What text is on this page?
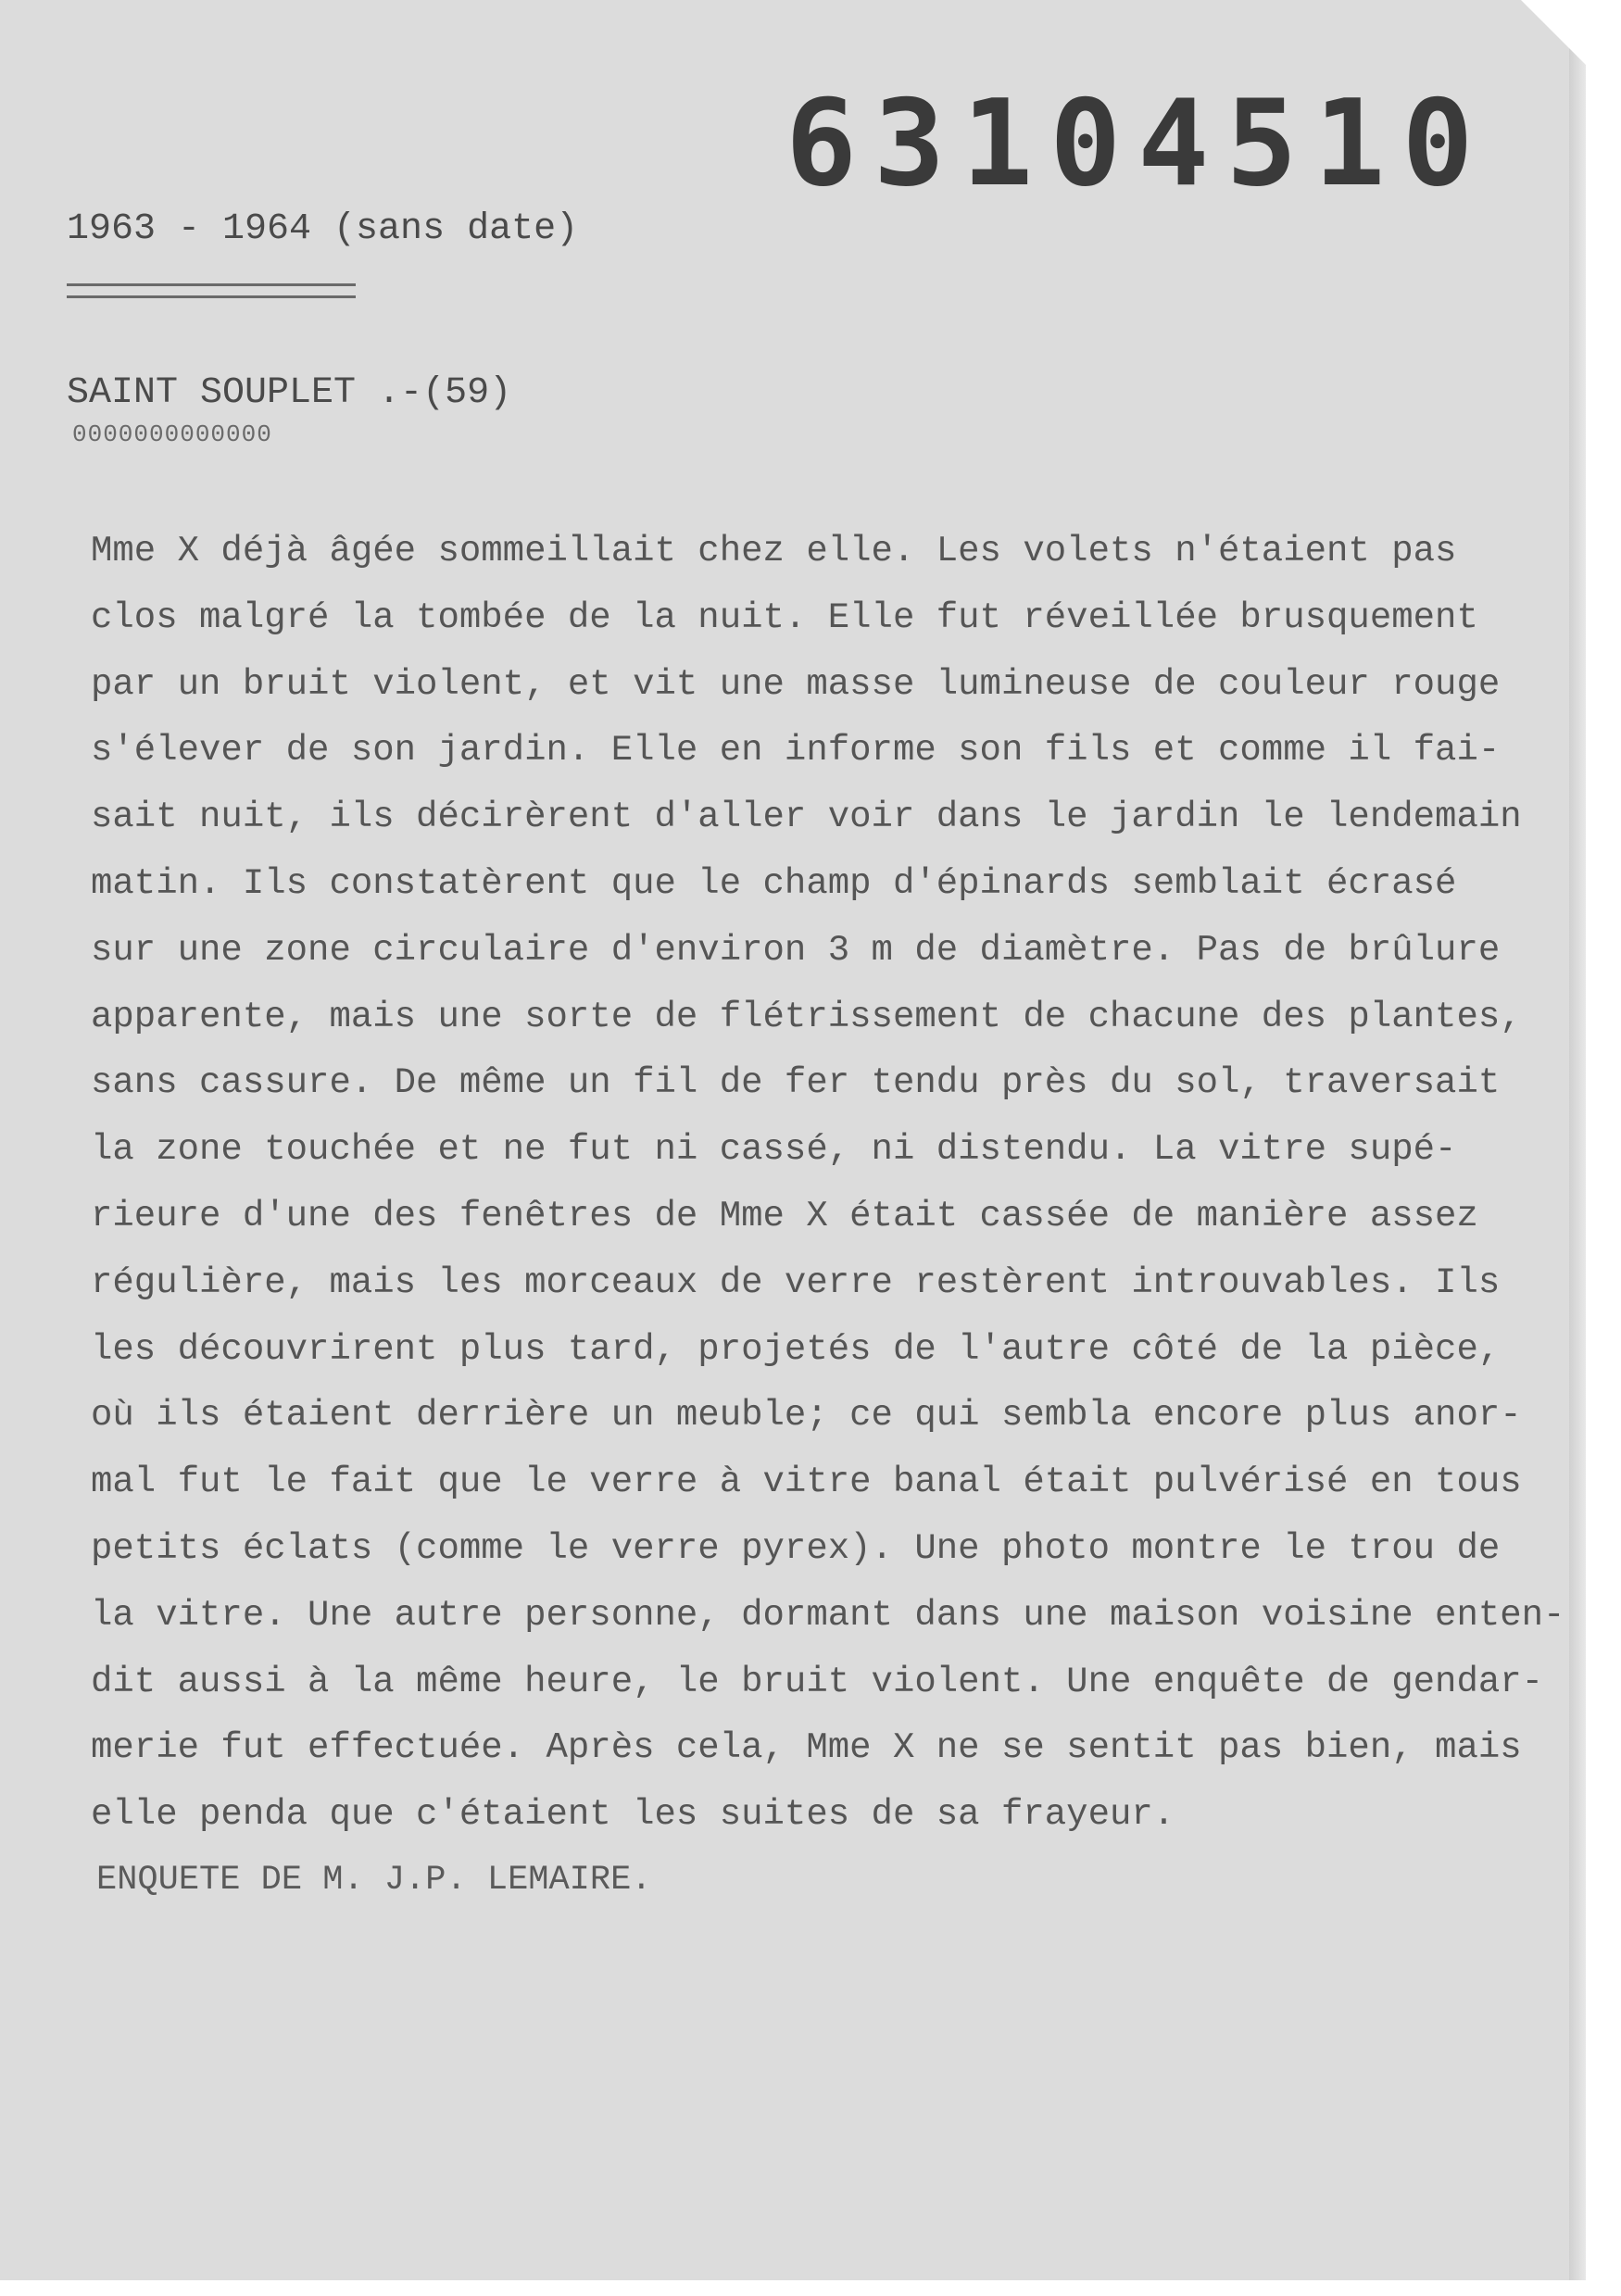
63104510
1963 - 1964 (sans date)
SAINT SOUPLET .-(59)
0000000000000
Mme X déjà âgée sommeillait chez elle. Les volets n'étaient pas
clos malgré la tombée de la nuit. Elle fut réveillée brusquement
par un bruit violent, et vit une masse lumineuse de couleur rouge
s'élever de son jardin. Elle en informe son fils et comme il fai-
sait nuit, ils décirèrent d'aller voir dans le jardin le lendemain
matin. Ils constatèrent que le champ d'épinards semblait écrasé
sur une zone circulaire d'environ 3 m de diamètre. Pas de brûlure
apparente, mais une sorte de flétrissement de chacune des plantes,
sans cassure. De même un fil de fer tendu près du sol, traversait
la zone touchée et ne fut ni cassé, ni distendu. La vitre supé-
rieure d'une des fenêtres de Mme X était cassée de manière assez
régulière, mais les morceaux de verre restèrent introuvables. Ils
les découvrirent plus tard, projetés de l'autre côté de la pièce,
où ils étaient derrière un meuble; ce qui sembla encore plus anor-
mal fut le fait que le verre à vitre banal était pulvérisé en tous
petits éclats (comme le verre pyrex). Une photo montre le trou de
la vitre. Une autre personne, dormant dans une maison voisine enten-
dit aussi à la même heure, le bruit violent. Une enquête de gendar-
merie fut effectuée. Après cela, Mme X ne se sentit pas bien, mais
elle penda que c'étaient les suites de sa frayeur.
ENQUETE DE M. J.P. LEMAIRE.
